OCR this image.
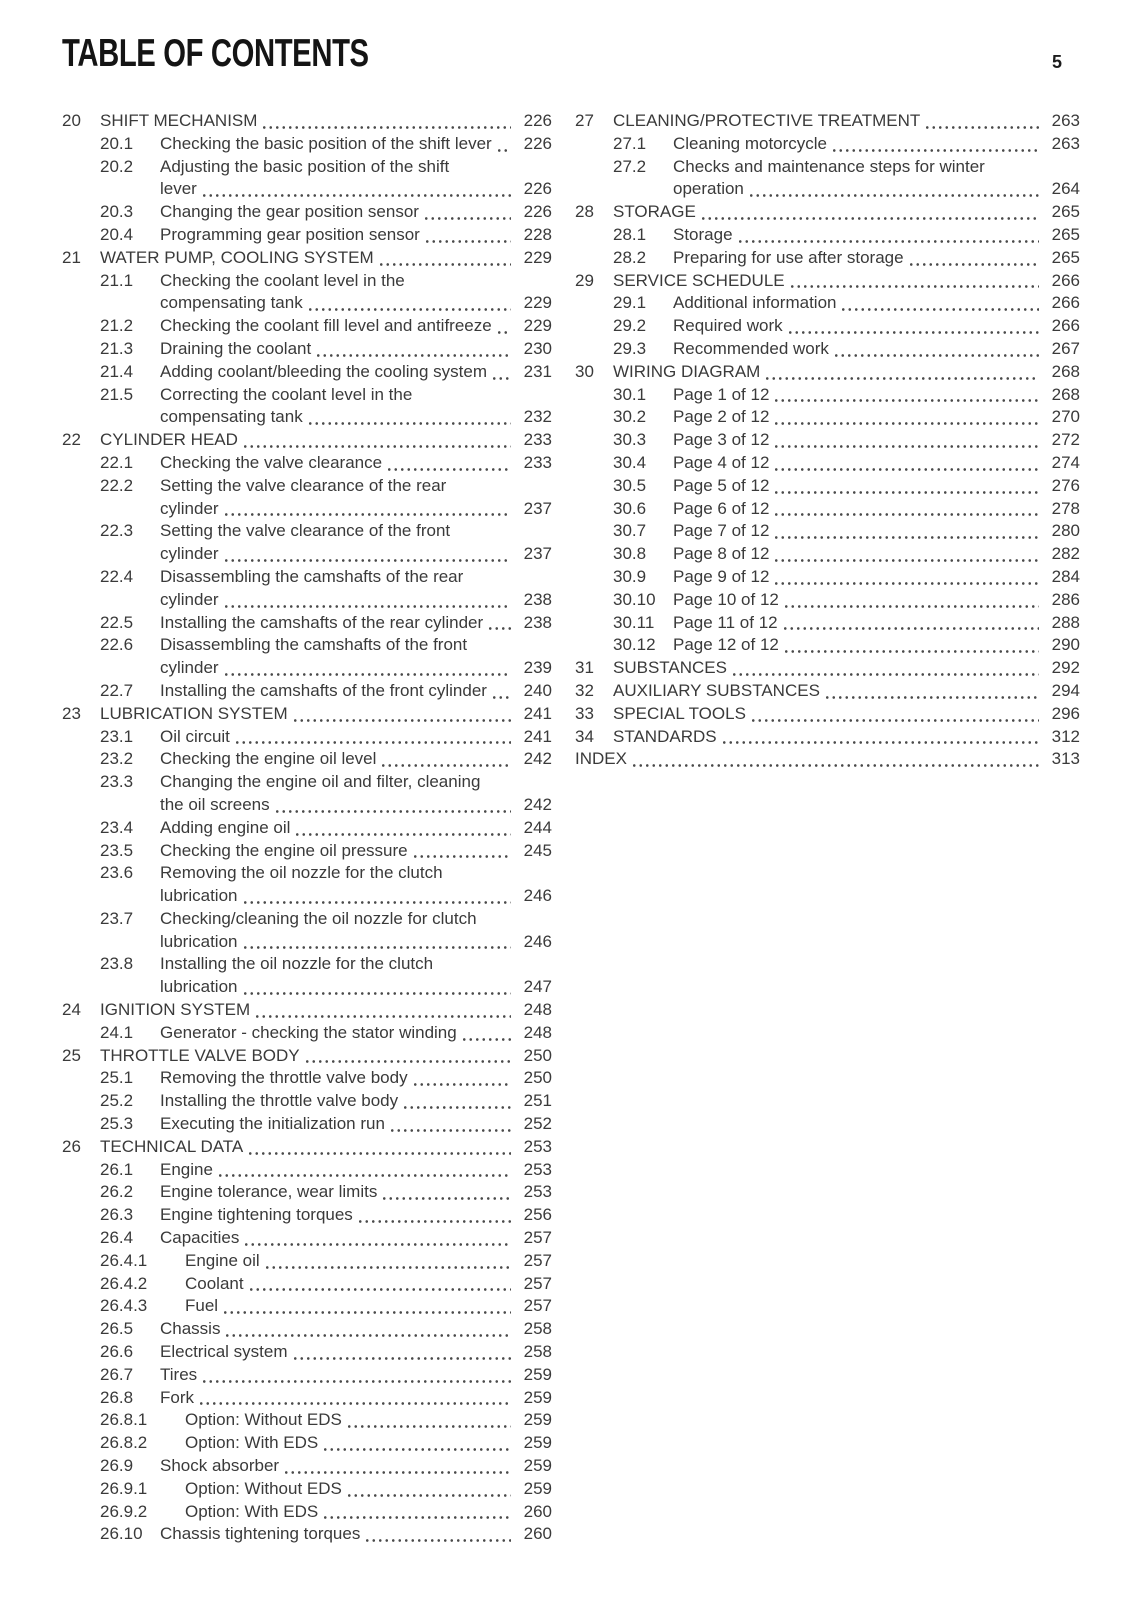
TABLE OF CONTENTS	5
20	SHIFT MECHANISM	226
20.1	Checking the basic position of the shift lever	226
20.2	Adjusting the basic position of the shift
lever	226
20.3	Changing the gear position sensor	226
20.4	Programming gear position sensor	228
21	WATER PUMP, COOLING SYSTEM	229
21.1	Checking the coolant level in the
compensating tank	229
21.2	Checking the coolant fill level and antifreeze	229
21.3	Draining the coolant	230
21.4	Adding coolant/bleeding the cooling system	231
21.5	Correcting the coolant level in the
compensating tank	232
22	CYLINDER HEAD	233
22.1	Checking the valve clearance	233
22.2	Setting the valve clearance of the rear
cylinder	237
22.3	Setting the valve clearance of the front
cylinder	237
22.4	Disassembling the camshafts of the rear
cylinder	238
22.5	Installing the camshafts of the rear cylinder	238
22.6	Disassembling the camshafts of the front
cylinder	239
22.7	Installing the camshafts of the front cylinder	240
23	LUBRICATION SYSTEM	241
23.1	Oil circuit	241
23.2	Checking the engine oil level	242
23.3	Changing the engine oil and filter, cleaning
the oil screens	242
23.4	Adding engine oil	244
23.5	Checking the engine oil pressure	245
23.6	Removing the oil nozzle for the clutch
lubrication	246
23.7	Checking/cleaning the oil nozzle for clutch
lubrication	246
23.8	Installing the oil nozzle for the clutch
lubrication	247
24	IGNITION SYSTEM	248
24.1	Generator - checking the stator winding	248
25	THROTTLE VALVE BODY	250
25.1	Removing the throttle valve body	250
25.2	Installing the throttle valve body	251
25.3	Executing the initialization run	252
26	TECHNICAL DATA	253
26.1	Engine	253
26.2	Engine tolerance, wear limits	253
26.3	Engine tightening torques	256
26.4	Capacities	257
26.4.1	Engine oil	257
26.4.2	Coolant	257
26.4.3	Fuel	257
26.5	Chassis	258
26.6	Electrical system	258
26.7	Tires	259
26.8	Fork	259
26.8.1	Option: Without EDS	259
26.8.2	Option: With EDS	259
26.9	Shock absorber	259
26.9.1	Option: Without EDS	259
26.9.2	Option: With EDS	260
26.10	Chassis tightening torques	260
27	CLEANING/PROTECTIVE TREATMENT	263
27.1	Cleaning motorcycle	263
27.2	Checks and maintenance steps for winter
operation	264
28	STORAGE	265
28.1	Storage	265
28.2	Preparing for use after storage	265
29	SERVICE SCHEDULE	266
29.1	Additional information	266
29.2	Required work	266
29.3	Recommended work	267
30	WIRING DIAGRAM	268
30.1	Page 1 of 12	268
30.2	Page 2 of 12	270
30.3	Page 3 of 12	272
30.4	Page 4 of 12	274
30.5	Page 5 of 12	276
30.6	Page 6 of 12	278
30.7	Page 7 of 12	280
30.8	Page 8 of 12	282
30.9	Page 9 of 12	284
30.10	Page 10 of 12	286
30.11	Page 11 of 12	288
30.12	Page 12 of 12	290
31	SUBSTANCES	292
32	AUXILIARY SUBSTANCES	294
33	SPECIAL TOOLS	296
34	STANDARDS	312
INDEX	313
